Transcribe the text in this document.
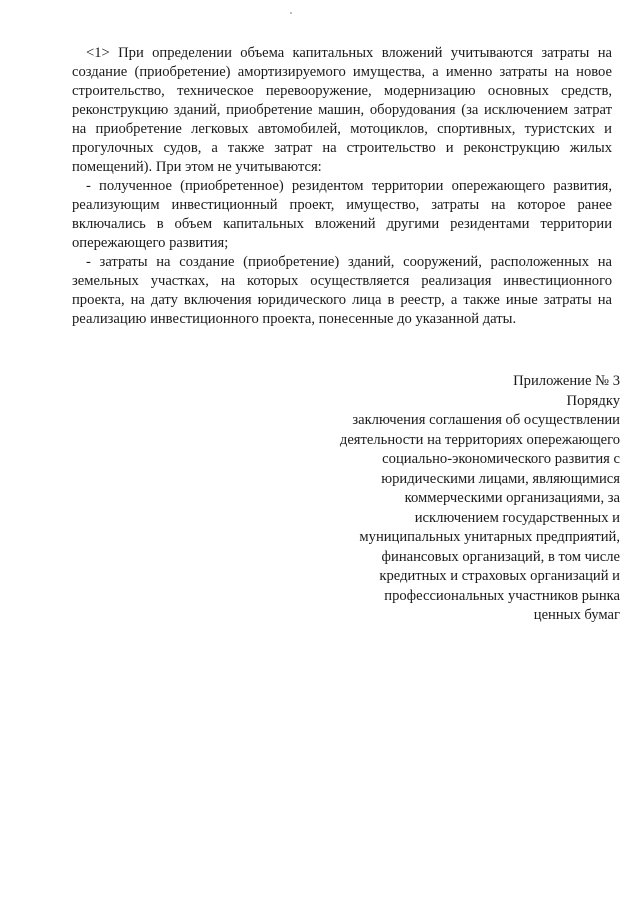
<1> При определении объема капитальных вложений учитываются затраты на создание (приобретение) амортизируемого имущества, а именно затраты на новое строительство, техническое перевооружение, модернизацию основных средств, реконструкцию зданий, приобретение машин, оборудования (за исключением затрат на приобретение легковых автомобилей, мотоциклов, спортивных, туристских и прогулочных судов, а также затрат на строительство и реконструкцию жилых помещений). При этом не учитываются:

- полученное (приобретенное) резидентом территории опережающего развития, реализующим инвестиционный проект, имущество, затраты на которое ранее включались в объем капитальных вложений другими резидентами территории опережающего развития;

- затраты на создание (приобретение) зданий, сооружений, расположенных на земельных участках, на которых осуществляется реализация инвестиционного проекта, на дату включения юридического лица в реестр, а также иные затраты на реализацию инвестиционного проекта, понесенные до указанной даты.

Приложение № 3
Порядку
заключения соглашения об осуществлении
деятельности на территориях опережающего
социально-экономического развития с
юридическими лицами, являющимися
коммерческими организациями, за
исключением государственных и
муниципальных унитарных предприятий,
финансовых организаций, в том числе
кредитных и страховых организаций и
профессиональных участников рынка
ценных бумаг
